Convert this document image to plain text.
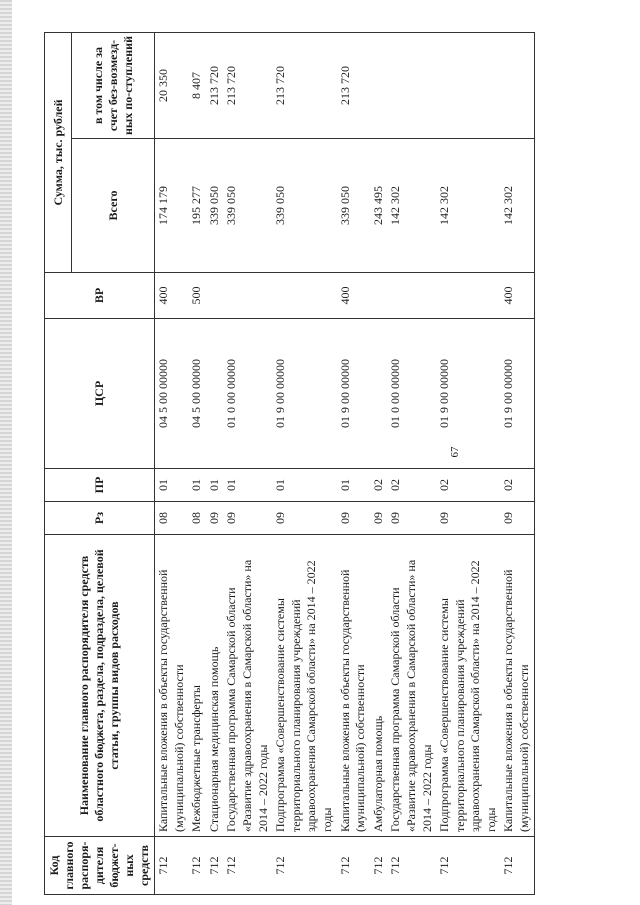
67
Код главного распоря-дителя бюджет-ных средств	Наименование главного распорядителя средств областного бюджета, раздела, подраздела, целевой статьи, группы видов расходов	Рз	ПР	ЦСР	ВР	Сумма, тыс. рублей	
						Всего	в том числе за счет без-возмезд-ных по-ступлений
712	Капитальные вложения в объекты государственной (муниципальной) собственности	08	01	04 5 00 00000	400	174 179	20 350
712	Межбюджетные трансферты	08	01	04 5 00 00000	500	195 277	8 407
712	Стационарная медицинская помощь	09	01			339 050	213 720
712	Государственная программа Самарской области «Развитие здравоохранения в Самарской области» на 2014 – 2022 годы	09	01	01 0 00 00000		339 050	213 720
712	Подпрограмма «Совершенствование системы территориального планирования учреждений здравоохранения Самарской области» на 2014 – 2022 годы	09	01	01 9 00 00000		339 050	213 720
712	Капитальные вложения в объекты государственной (муниципальной) собственности	09	01	01 9 00 00000	400	339 050	213 720
712	Амбулаторная помощь	09	02			243 495	
712	Государственная программа Самарской области «Развитие здравоохранения в Самарской области» на 2014 – 2022 годы	09	02	01 0 00 00000		142 302	
712	Подпрограмма «Совершенствование системы территориального планирования учреждений здравоохранения Самарской области» на 2014 – 2022 годы	09	02	01 9 00 00000		142 302	
712	Капитальные вложения в объекты государственной (муниципальной) собственности	09	02	01 9 00 00000	400	142 302	
